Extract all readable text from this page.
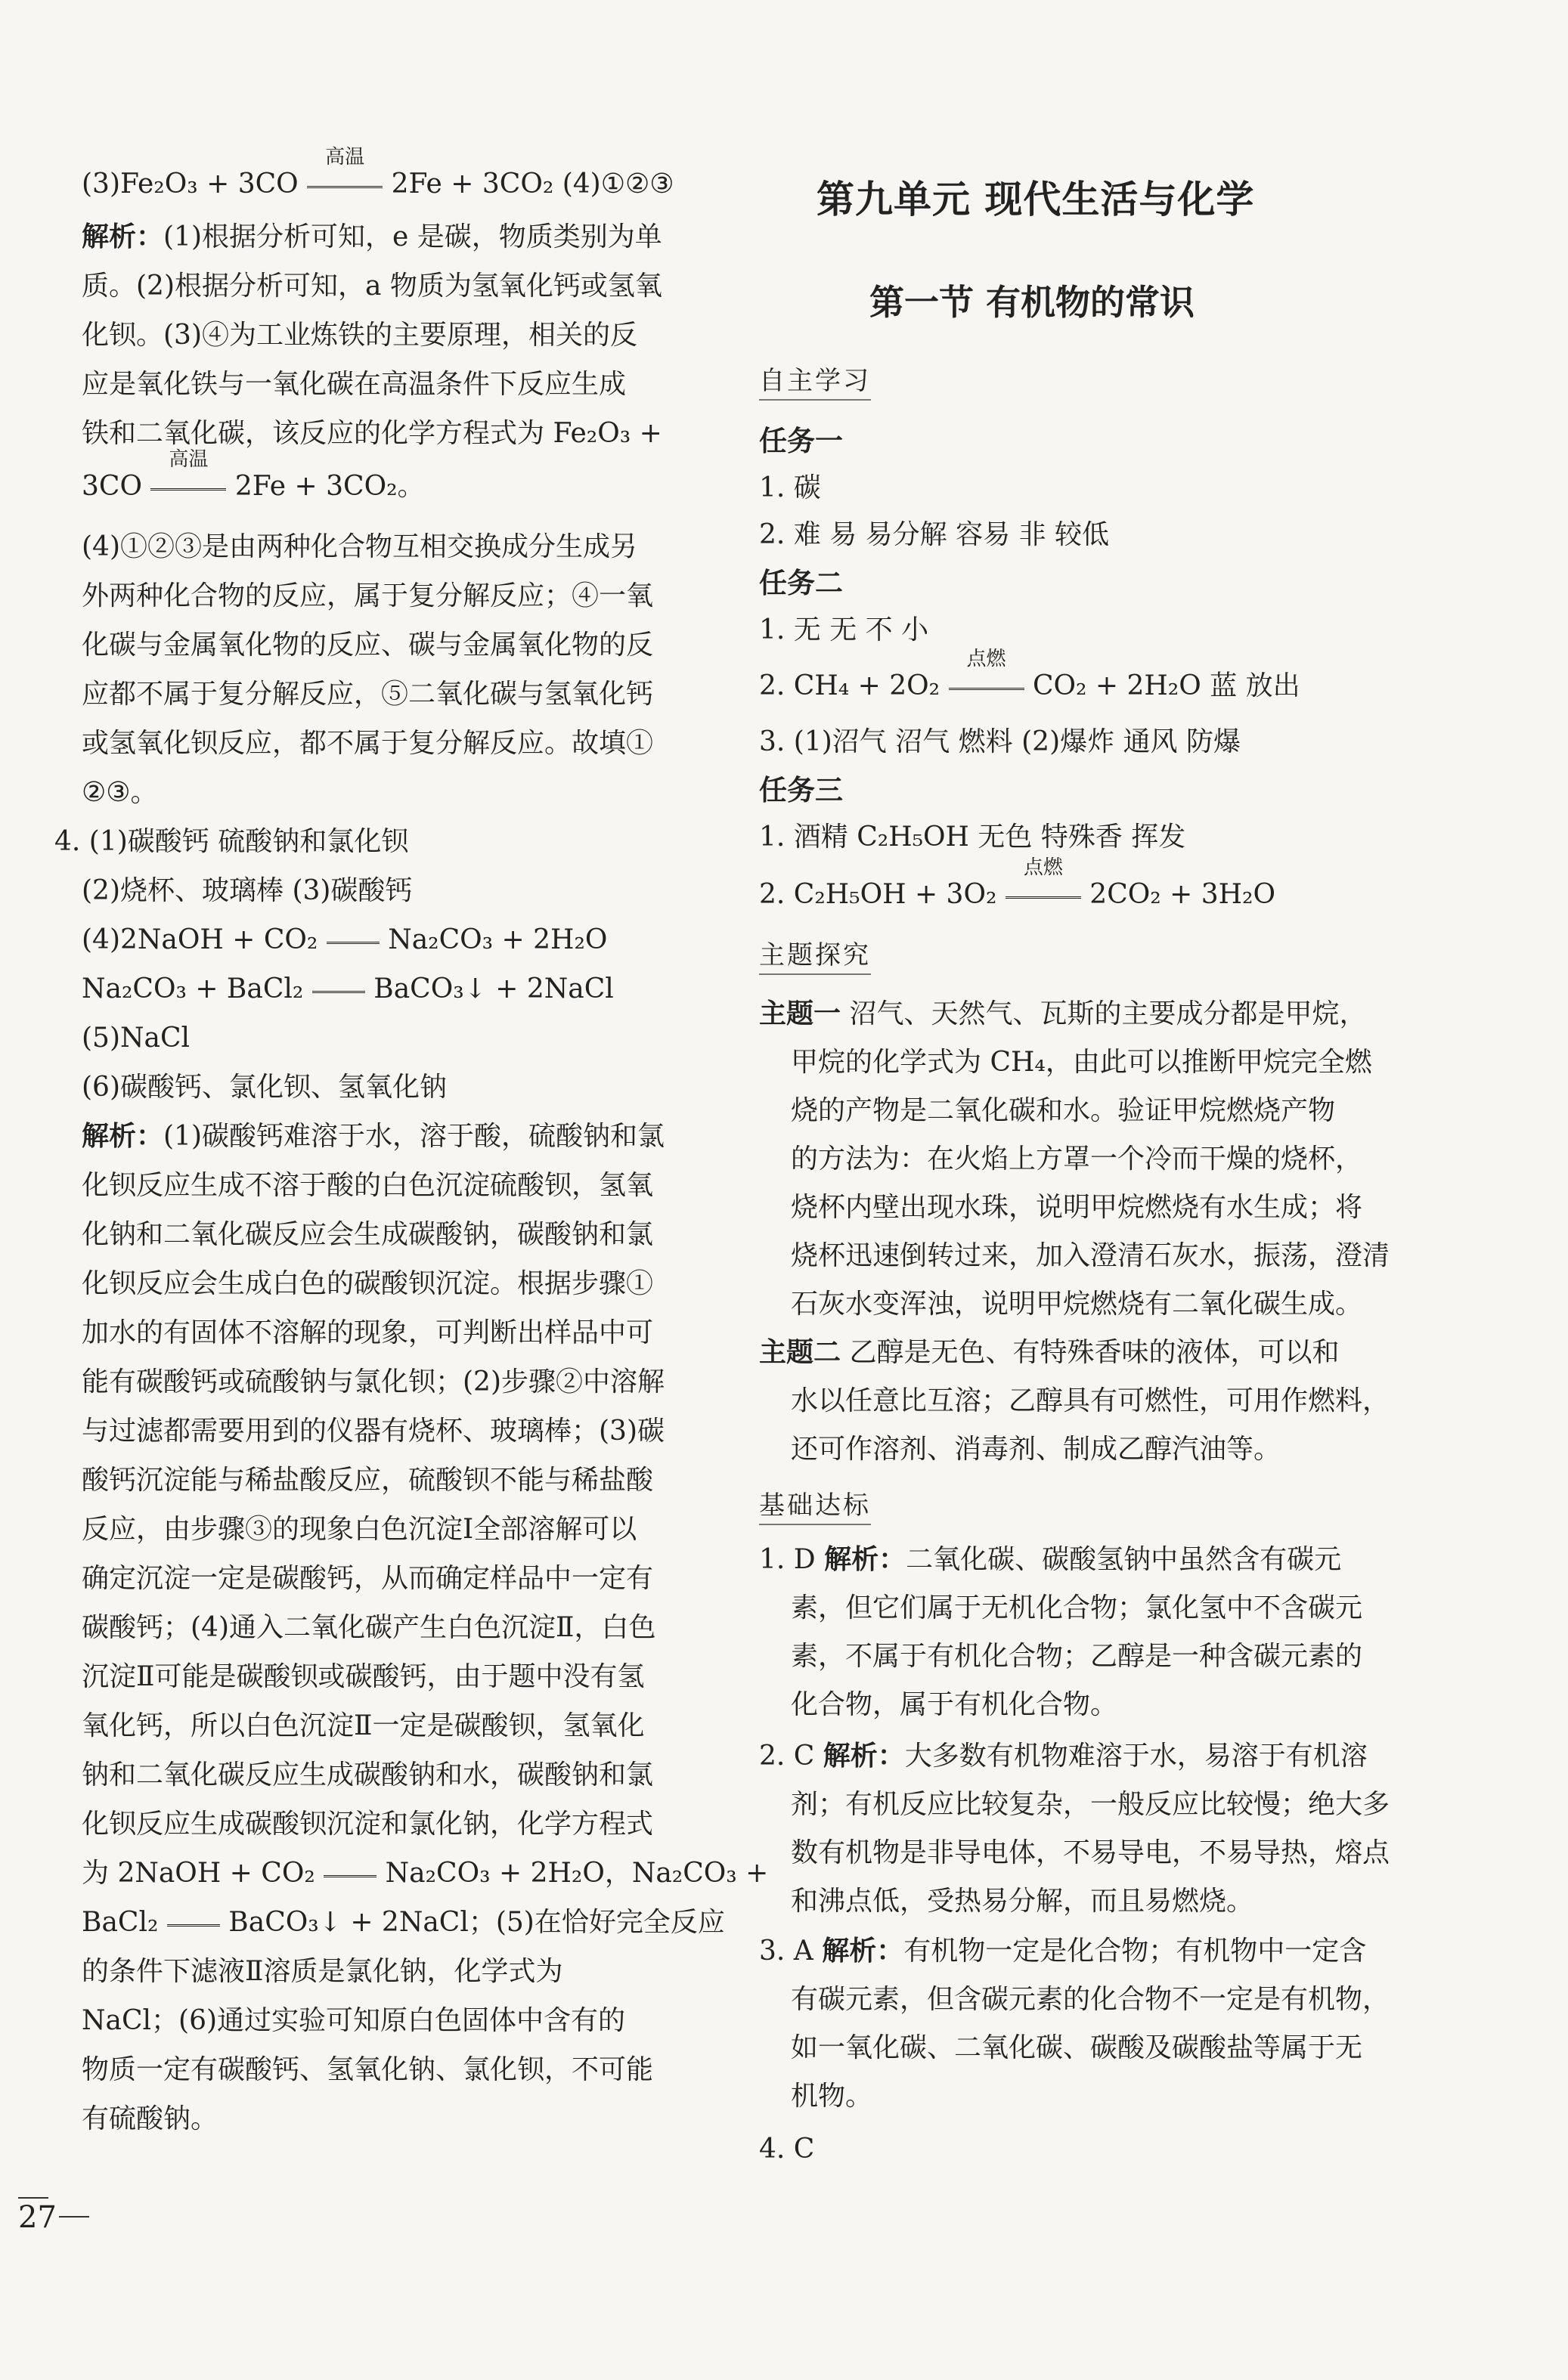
(3)Fe₂O₃ + 3CO
高温
2Fe + 3CO₂ (4)①②③
解析：(1)根据分析可知，e 是碳，物质类别为单
质。(2)根据分析可知，a 物质为氢氧化钙或氢氧
化钡。(3)④为工业炼铁的主要原理，相关的反
应是氧化铁与一氧化碳在高温条件下反应生成
铁和二氧化碳，该反应的化学方程式为 Fe₂O₃ +
3CO
高温
2Fe + 3CO₂。
(4)①②③是由两种化合物互相交换成分生成另
外两种化合物的反应，属于复分解反应；④一氧
化碳与金属氧化物的反应、碳与金属氧化物的反
应都不属于复分解反应，⑤二氧化碳与氢氧化钙
或氢氧化钡反应，都不属于复分解反应。故填①
②③。
4. (1)碳酸钙 硫酸钠和氯化钡
(2)烧杯、玻璃棒 (3)碳酸钙
(4)2NaOH + CO₂
Na₂CO₃ + 2H₂O
Na₂CO₃ + BaCl₂
BaCO₃↓ + 2NaCl
(5)NaCl
(6)碳酸钙、氯化钡、氢氧化钠
解析：(1)碳酸钙难溶于水，溶于酸，硫酸钠和氯
化钡反应生成不溶于酸的白色沉淀硫酸钡，氢氧
化钠和二氧化碳反应会生成碳酸钠，碳酸钠和氯
化钡反应会生成白色的碳酸钡沉淀。根据步骤①
加水的有固体不溶解的现象，可判断出样品中可
能有碳酸钙或硫酸钠与氯化钡；(2)步骤②中溶解
与过滤都需要用到的仪器有烧杯、玻璃棒；(3)碳
酸钙沉淀能与稀盐酸反应，硫酸钡不能与稀盐酸
反应，由步骤③的现象白色沉淀Ⅰ全部溶解可以
确定沉淀一定是碳酸钙，从而确定样品中一定有
碳酸钙；(4)通入二氧化碳产生白色沉淀Ⅱ，白色
沉淀Ⅱ可能是碳酸钡或碳酸钙，由于题中没有氢
氧化钙，所以白色沉淀Ⅱ一定是碳酸钡，氢氧化
钠和二氧化碳反应生成碳酸钠和水，碳酸钠和氯
化钡反应生成碳酸钡沉淀和氯化钠，化学方程式
为 2NaOH + CO₂
Na₂CO₃ + 2H₂O，Na₂CO₃ +
BaCl₂
BaCO₃↓ + 2NaCl；(5)在恰好完全反应
的条件下滤液Ⅱ溶质是氯化钠，化学式为
NaCl；(6)通过实验可知原白色固体中含有的
物质一定有碳酸钙、氢氧化钠、氯化钡，不可能
有硫酸钠。
第九单元 现代生活与化学
第一节 有机物的常识
自主学习
任务一
1. 碳
2. 难 易 易分解 容易 非 较低
任务二
1. 无 无 不 小
2. CH₄ + 2O₂
点燃
CO₂ + 2H₂O 蓝 放出
3. (1)沼气 沼气 燃料 (2)爆炸 通风 防爆
任务三
1. 酒精 C₂H₅OH 无色 特殊香 挥发
2. C₂H₅OH + 3O₂
点燃
2CO₂ + 3H₂O
主题一 沼气、天然气、瓦斯的主要成分都是甲烷，
甲烷的化学式为 CH₄，由此可以推断甲烷完全燃
烧的产物是二氧化碳和水。验证甲烷燃烧产物
的方法为：在火焰上方罩一个冷而干燥的烧杯，
烧杯内壁出现水珠，说明甲烷燃烧有水生成；将
烧杯迅速倒转过来，加入澄清石灰水，振荡，澄清
石灰水变浑浊，说明甲烷燃烧有二氧化碳生成。
主题二 乙醇是无色、有特殊香味的液体，可以和
水以任意比互溶；乙醇具有可燃性，可用作燃料，
还可作溶剂、消毒剂、制成乙醇汽油等。
1. D 解析：二氧化碳、碳酸氢钠中虽然含有碳元
素，但它们属于无机化合物；氯化氢中不含碳元
素，不属于有机化合物；乙醇是一种含碳元素的
化合物，属于有机化合物。
2. C 解析：大多数有机物难溶于水，易溶于有机溶
剂；有机反应比较复杂，一般反应比较慢；绝大多
数有机物是非导电体，不易导电，不易导热，熔点
和沸点低，受热易分解，而且易燃烧。
3. A 解析：有机物一定是化合物；有机物中一定含
有碳元素，但含碳元素的化合物不一定是有机物，
如一氧化碳、二氧化碳、碳酸及碳酸盐等属于无
机物。
4. C
主题探究
基础达标
27
